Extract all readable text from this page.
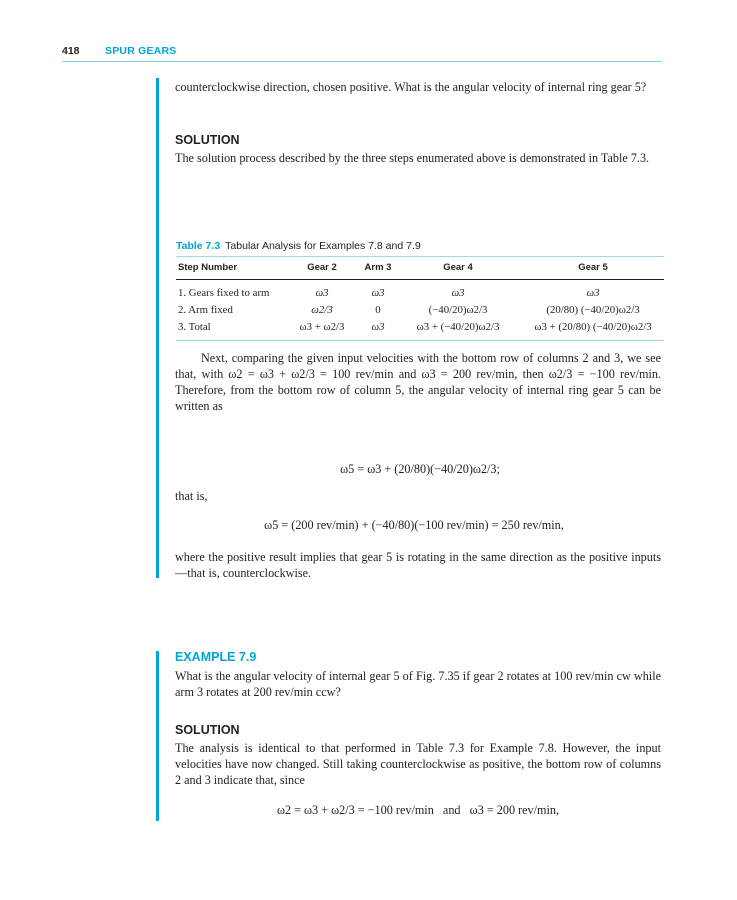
418 SPUR GEARS

counterclockwise direction, chosen positive. What is the angular velocity of internal ring gear 5?

SOLUTION

The solution process described by the three steps enumerated above is demonstrated in Table 7.3.

Table 7.3 Tabular Analysis for Examples 7.8 and 7.9
Step Number	Gear 2	Arm 3	Gear 4	Gear 5
1. Gears fixed to arm	ω3	ω3	ω3	ω3
2. Arm fixed	ω2/3	0	(−40/20)ω2/3	(20/80) (−40/20)ω2/3
3. Total	ω3 + ω2/3	ω3	ω3 + (−40/20)ω2/3	ω3 + (20/80) (−40/20)ω2/3

Next, comparing the given input velocities with the bottom row of columns 2 and 3, we see that, with ω2 = ω3 + ω2/3 = 100 rev/min and ω3 = 200 rev/min, then ω2/3 = −100 rev/min. Therefore, from the bottom row of column 5, the angular velocity of internal ring gear 5 can be written as

ω5 = ω3 + (20/80)(−40/20)ω2/3;

that is,

ω5 = (200 rev/min) + (−40/80)(−100 rev/min) = 250 rev/min,

where the positive result implies that gear 5 is rotating in the same direction as the positive inputs—that is, counterclockwise.

EXAMPLE 7.9

What is the angular velocity of internal gear 5 of Fig. 7.35 if gear 2 rotates at 100 rev/min cw while arm 3 rotates at 200 rev/min ccw?

SOLUTION

The analysis is identical to that performed in Table 7.3 for Example 7.8. However, the input velocities have now changed. Still taking counterclockwise as positive, the bottom row of columns 2 and 3 indicate that, since

ω2 = ω3 + ω2/3 = −100 rev/min   and   ω3 = 200 rev/min,
